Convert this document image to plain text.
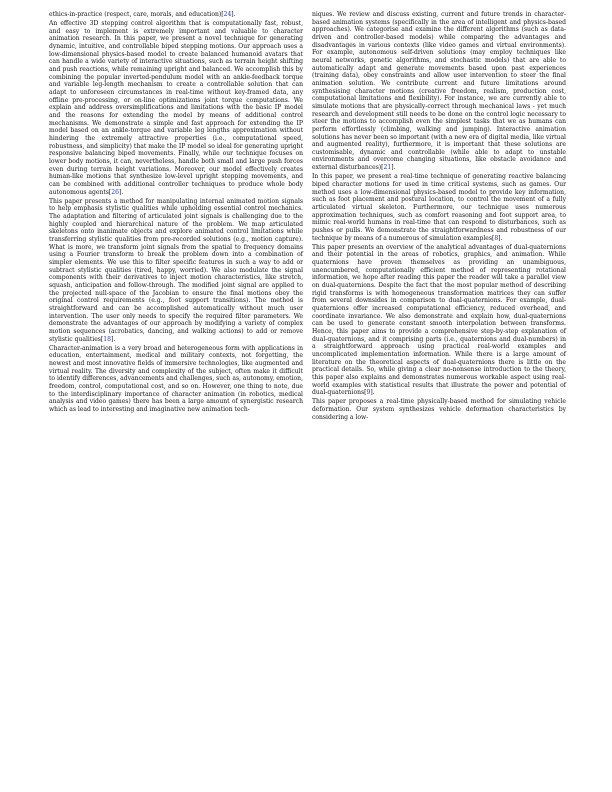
ethics-in-practice (respect, care, morals, and education)[24].

An effective 3D stepping control algorithm that is computationally fast, robust, and easy to implement is extremely important and valuable to character animation research. In this paper, we present a novel technique for generating dynamic, intuitive, and controllable biped stepping motions. Our approach uses a low-dimensional physics-based model to create balanced humanoid avatars that can handle a wide variety of interactive situations, such as terrain height shifting and push reactions, while remaining upright and balanced. We accomplish this by combining the popular inverted-pendulum model with an ankle-feedback torque and variable leg-length mechanism to create a controllable solution that can adapt to unforeseen circumstances in real-time without key-framed data, any offline pre-processing, or on-line optimizations joint torque computations. We explain and address oversimplifications and limitations with the basic IP model and the reasons for extending the model by means of additional control mechanisms. We demonstrate a simple and fast approach for extending the IP model based on an ankle-torque and variable leg lengths approximation without hindering the extremely attractive properties (i.e., computational speed, robustness, and simplicity) that make the IP model so ideal for generating upright responsive balancing biped movements. Finally, while our technique focuses on lower body motions, it can, nevertheless, handle both small and large push forces even during terrain height variations. Moreover, our model effectively creates human-like motions that synthesize low-level upright stepping movements, and can be combined with additional controller techniques to produce whole body autonomous agents[26].

This paper presents a method for manipulating internal animated motion signals to help emphasis stylistic qualities while upholding essential control mechanics. The adaptation and filtering of articulated joint signals is challenging due to the highly coupled and hierarchical nature of the problem. We map articulated skeletons onto inanimate objects and explore animated control limitations while transferring stylistic qualities from pre-recorded solutions (e.g., motion capture). What is more, we transform joint signals from the spatial to frequency domains using a Fourier transform to break the problem down into a combination of simpler elements. We use this to filter specific features in such a way to add or subtract stylistic qualities (tired, happy, worried). We also modulate the signal components with their derivatives to inject motion characteristics, like stretch, squash, anticipation and follow-through. The modified joint signal are applied to the projected null-space of the Jacobian to ensure the final motions obey the original control requirements (e.g., foot support transitions). The method is straightforward and can be accomplished automatically without much user intervention. The user only needs to specify the required filter parameters. We demonstrate the advantages of our approach by modifying a variety of complex motion sequences (acrobatics, dancing, and walking actions) to add or remove stylistic qualities[18].

Character-animation is a very broad and heterogeneous form with applications in education, entertainment, medical and military contexts, not forgetting, the newest and most innovative fields of immersive technologies, like augmented and virtual reality. The diversity and complexity of the subject, often make it difficult to identify differences, advancements and challenges, such as, autonomy, emotion, freedom, control, computational cost, and so on. However, one thing to note, due to the interdisciplinary importance of character animation (in robotics, medical analysis and video games) there has been a large amount of synergistic research which as lead to interesting and imaginative new animation tech-

niques. We review and discuss existing, current and future trends in character-based animation systems (specifically in the area of intelligent and physics-based approaches). We categorise and examine the different algorithms (such as data-driven and controller-based models) while comparing the advantages and disadvantages in various contexts (like video games and virtual environments). For example, autonomous self-driven solutions (may employ techniques like neural networks, genetic algorithms, and stochastic models) that are able to automatically adapt and generate movements based upon past experiences (training data), obey constraints and allow user intervention to steer the final animation solution. We contribute current and future limitations around synthesising character motions (creative freedom, realism, production cost, computational limitations and flexibility). For instance, we are currently able to simulate motions that are physically-correct through mechanical laws - yet much research and development still needs to be done on the control logic necessary to steer the motions to accomplish even the simplest tasks that we as humans can perform effortlessly (climbing, walking and jumping). Interactive animation solutions has never been so important (with a new era of digital media, like virtual and augmented reality), furthermore, it is important that these solutions are customisable, dynamic and controllable (while able to adapt to unstable environments and overcome changing situations, like obstacle avoidance and external disturbances)[21].

In this paper, we present a real-time technique of generating reactive balancing biped character motions for used in time critical systems, such as games. Our method uses a low-dimensional physics-based model to provide key information, such as foot placement and postural location, to control the movement of a fully articulated virtual skeleton. Furthermore, our technique uses numerous approximation techniques, such as comfort reasoning and foot support area, to mimic real-world humans in real-time that can respond to disturbances, such as pushes or pulls. We demonstrate the straightforwardness and robustness of our technique by means of a numerous of simulation examples[8].

This paper presents an overview of the analytical advantages of dual-quaternions and their potential in the areas of robotics, graphics, and animation. While quaternions have proven themselves as providing an unambiguous, unencumbered, computationally efficient method of representing rotational information, we hope after reading this paper the reader will take a parallel view on dual-quaternions. Despite the fact that the most popular method of describing rigid transforms is with homogeneous transformation matrices they can suffer from several downsides in comparison to dual-quaternions. For example, dual-quaternions offer increased computational efficiency, reduced overhead, and coordinate invariance. We also demonstrate and explain how, dual-quaternions can be used to generate constant smooth interpolation between transforms. Hence, this paper aims to provide a comprehensive step-by-step explanation of dual-quaternions, and it comprising parts (i.e., quaternions and dual-numbers) in a straightforward approach using practical real-world examples and uncomplicated implementation information. While there is a large amount of literature on the theoretical aspects of dual-quaternions there is little on the practical details. So, while giving a clear no-nonsense introduction to the theory, this paper also explains and demonstrates numerous workable aspect using real-world examples with statistical results that illustrate the power and potential of dual-quaternions[9].

This paper proposes a real-time physically-based method for simulating vehicle deformation. Our system synthesizes vehicle deformation characteristics by considering a low-
